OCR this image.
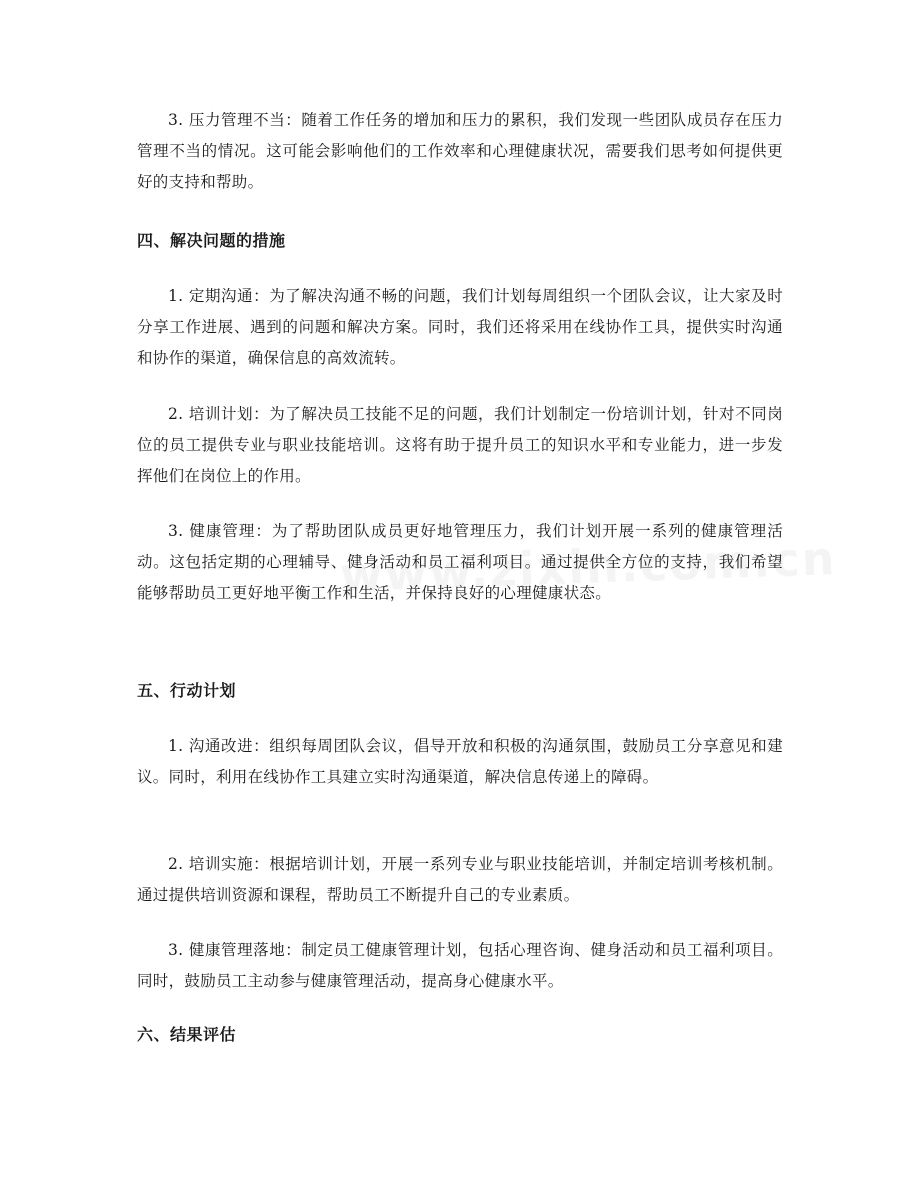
3. 压力管理不当：随着工作任务的增加和压力的累积，我们发现一些团队成员存在压力管理不当的情况。这可能会影响他们的工作效率和心理健康状况，需要我们思考如何提供更好的支持和帮助。

四、解决问题的措施

1. 定期沟通：为了解决沟通不畅的问题，我们计划每周组织一个团队会议，让大家及时分享工作进展、遇到的问题和解决方案。同时，我们还将采用在线协作工具，提供实时沟通和协作的渠道，确保信息的高效流转。

2. 培训计划：为了解决员工技能不足的问题，我们计划制定一份培训计划，针对不同岗位的员工提供专业与职业技能培训。这将有助于提升员工的知识水平和专业能力，进一步发挥他们在岗位上的作用。

3. 健康管理：为了帮助团队成员更好地管理压力，我们计划开展一系列的健康管理活动。这包括定期的心理辅导、健身活动和员工福利项目。通过提供全方位的支持，我们希望能够帮助员工更好地平衡工作和生活，并保持良好的心理健康状态。

五、行动计划

1. 沟通改进：组织每周团队会议，倡导开放和积极的沟通氛围，鼓励员工分享意见和建议。同时，利用在线协作工具建立实时沟通渠道，解决信息传递上的障碍。

2. 培训实施：根据培训计划，开展一系列专业与职业技能培训，并制定培训考核机制。通过提供培训资源和课程，帮助员工不断提升自己的专业素质。

3. 健康管理落地：制定员工健康管理计划，包括心理咨询、健身活动和员工福利项目。同时，鼓励员工主动参与健康管理活动，提高身心健康水平。

六、结果评估
